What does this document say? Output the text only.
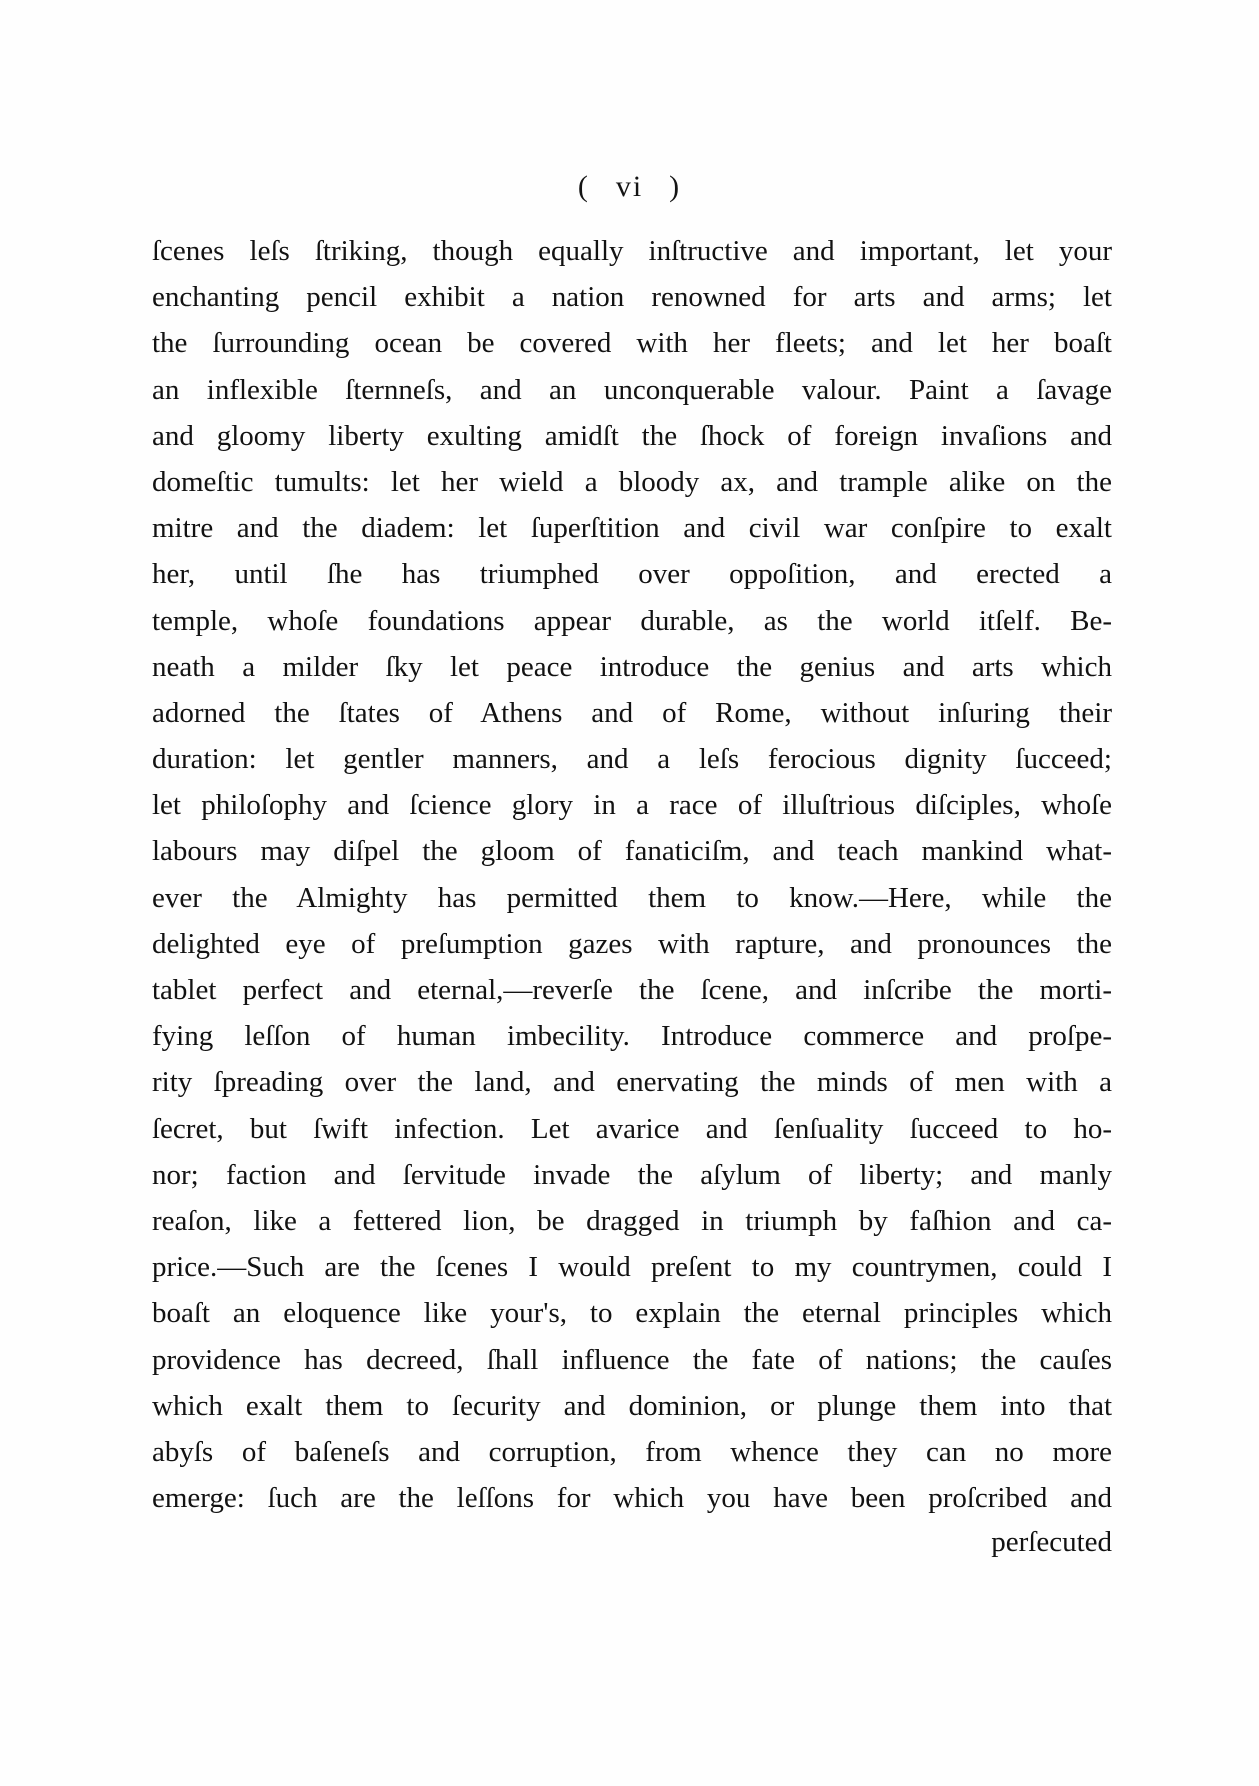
( vi )
ſcenes leſs ſtriking, though equally inſtructive and important, let your
enchanting pencil exhibit a nation renowned for arts and arms; let
the ſurrounding ocean be covered with her fleets; and let her boaſt
an inflexible ſternneſs, and an unconquerable valour. Paint a ſavage
and gloomy liberty exulting amidſt the ſhock of foreign invaſions and
domeſtic tumults: let her wield a bloody ax, and trample alike on the
mitre and the diadem: let ſuperſtition and civil war conſpire to exalt
her, until ſhe has triumphed over oppoſition, and erected a
temple, whoſe foundations appear durable, as the world itſelf. Be-
neath a milder ſky let peace introduce the genius and arts which
adorned the ſtates of Athens and of Rome, without inſuring their
duration: let gentler manners, and a leſs ferocious dignity ſucceed;
let philoſophy and ſcience glory in a race of illuſtrious diſciples, whoſe
labours may diſpel the gloom of fanaticiſm, and teach mankind what-
ever the Almighty has permitted them to know.—Here, while the
delighted eye of preſumption gazes with rapture, and pronounces the
tablet perfect and eternal,—reverſe the ſcene, and inſcribe the morti-
fying leſſon of human imbecility. Introduce commerce and proſpe-
rity ſpreading over the land, and enervating the minds of men with a
ſecret, but ſwift infection. Let avarice and ſenſuality ſucceed to ho-
nor; faction and ſervitude invade the aſylum of liberty; and manly
reaſon, like a fettered lion, be dragged in triumph by faſhion and ca-
price.—Such are the ſcenes I would preſent to my countrymen, could I
boaſt an eloquence like your's, to explain the eternal principles which
providence has decreed, ſhall influence the fate of nations; the cauſes
which exalt them to ſecurity and dominion, or plunge them into that
abyſs of baſeneſs and corruption, from whence they can no more
emerge: ſuch are the leſſons for which you have been proſcribed and
perſecuted
